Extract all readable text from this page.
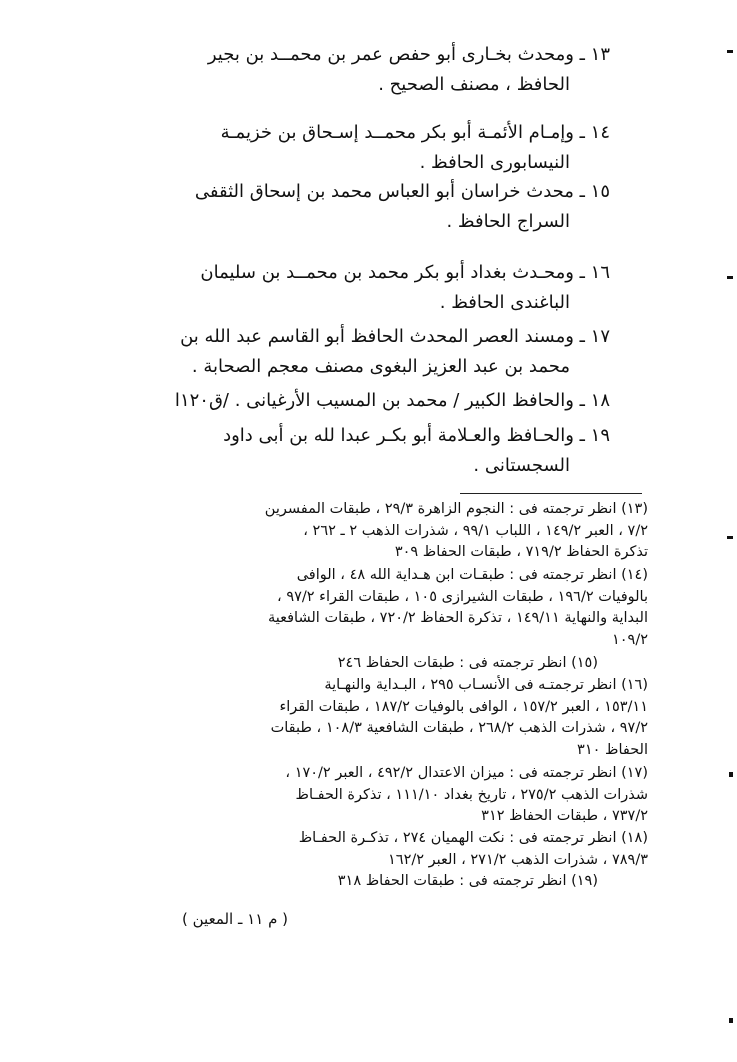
١٣ ـ ومحدث بخـارى أبو حفص عمر بن محمــد بن بجير
الحافظ ، مصنف الصحيح .
١٤ ـ وإمـام الأئمـة أبو بكر محمــد إسـحاق بن خزيمـة
النيسابورى الحافظ .
١٥ ـ محدث خراسان أبو العباس محمد بن إسحاق الثقفى
السراج الحافظ .
١٦ ـ ومحـدث بغداد أبو بكر محمد بن محمــد بن سليمان
الباغندى الحافظ .
١٧ ـ ومسند العصر المحدث الحافظ أبو القاسم عبد الله بن
محمد بن عبد العزيز البغوى مصنف معجم الصحابة .
١٨ ـ والحافظ الكبير / محمد بن المسيب الأرغيانى . /ق١٢٠ا
١٩ ـ والحـافظ والعـلامة أبو بكـر عبدا لله بن أبى داود
السجستانى .
(١٣) انظر ترجمته فى : النجوم الزاهرة ٢٩/٣ ، طبقات المفسرين
٧/٢ ، العبر ١٤٩/٢ ، اللباب ٩٩/١ ، شذرات الذهب ٢ ـ ٢٦٢ ،
تذكرة الحفاظ ٧١٩/٢ ، طبقات الحفاظ ٣٠٩
(١٤) انظر ترجمته فى : طبقـات ابن هـداية الله ٤٨ ، الوافى
بالوفيات ١٩٦/٢ ، طبقات الشيرازى ١٠٥ ، طبقات القراء ٩٧/٢ ،
البداية والنهاية ١٤٩/١١ ، تذكرة الحفاظ ٧٢٠/٢ ، طبقات الشافعية
١٠٩/٢
(١٥) انظر ترجمته فى : طبقات الحفاظ ٢٤٦
(١٦) انظر ترجمتـه فى الأنسـاب ٢٩٥ ، البـداية والنهـاية
١٥٣/١١ ، العبر ١٥٧/٢ ، الوافى بالوفيات ١٨٧/٢ ، طبقات القراء
٩٧/٢ ، شذرات الذهب ٢٦٨/٢ ، طبقات الشافعية ١٠٨/٣ ، طبقات
الحفاظ ٣١٠
(١٧) انظر ترجمته فى : ميزان الاعتدال ٤٩٢/٢ ، العبر ١٧٠/٢ ،
شذرات الذهب ٢٧٥/٢ ، تاريخ بغداد ١١١/١٠ ، تذكرة الحفـاظ
٧٣٧/٢ ، طبقات الحفاظ ٣١٢
(١٨) انظر ترجمته فى : نكت الهميان ٢٧٤ ، تذكـرة الحفـاظ
٧٨٩/٣ ، شذرات الذهب ٢٧١/٢ ، العبر ١٦٢/٢
(١٩) انظر ترجمته فى : طبقات الحفاظ ٣١٨
( م ١١ ـ المعين )
